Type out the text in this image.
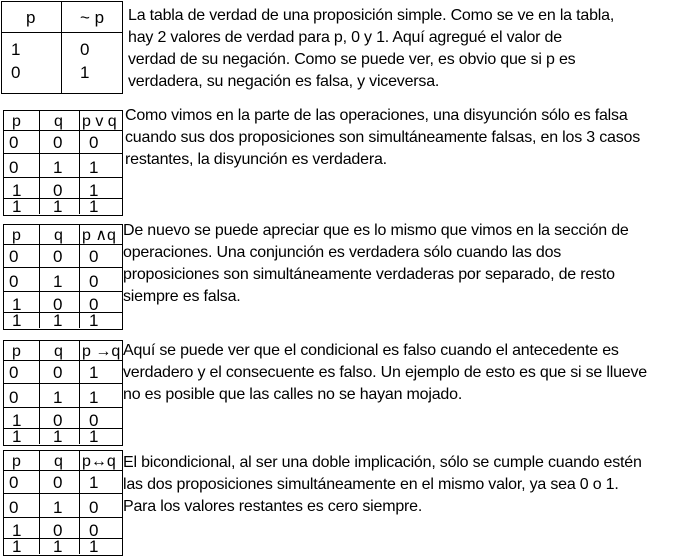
p	~ p
1	0
0	1
La tabla de verdad de una proposición simple. Como se ve en la tabla,
hay 2 valores de verdad para p, 0 y 1. Aquí agregué el valor de
verdad de su negación. Como se puede ver, es obvio que si p es
verdadera, su negación es falsa, y viceversa.
p q p v q
0 0 0
0 1 1
1 0 1
1 1 1
Como vimos en la parte de las operaciones, una disyunción sólo es falsa
cuando sus dos proposiciones son simultáneamente falsas, en los 3 casos
restantes, la disyunción es verdadera.
p q p ∧q
0 0 0
0 1 0
1 0 0
1 1 1
De nuevo se puede apreciar que es lo mismo que vimos en la sección de
operaciones. Una conjunción es verdadera sólo cuando las dos
proposiciones son simultáneamente verdaderas por separado, de resto
siempre es falsa.
p q p →q
0 0 1
0 1 1
1 0 0
1 1 1
Aquí se puede ver que el condicional es falso cuando el antecedente es
verdadero y el consecuente es falso. Un ejemplo de esto es que si se llueve
no es posible que las calles no se hayan mojado.
p q p↔q
0 0 1
0 1 0
1 0 0
1 1 1
El bicondicional, al ser una doble implicación, sólo se cumple cuando estén
las dos proposiciones simultáneamente en el mismo valor, ya sea 0 o 1.
Para los valores restantes es cero siempre.
